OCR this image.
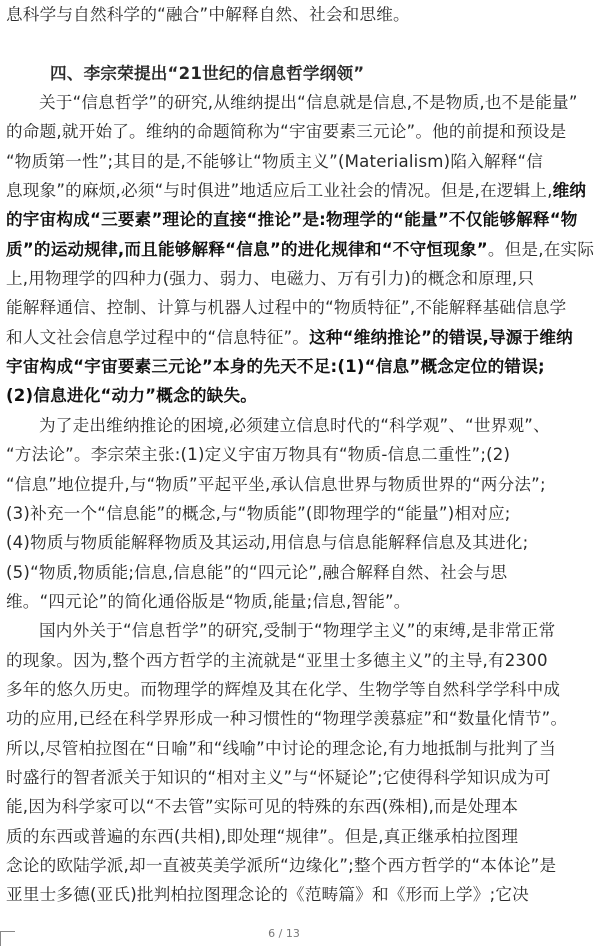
息科学与自然科学的“融合”中解释自然、社会和思维。
四、李宗荣提出“21世纪的信息哲学纲领”
关于“信息哲学”的研究,从维纳提出“信息就是信息,不是物质,也不是能量”
的命题,就开始了。维纳的命题简称为“宇宙要素三元论”。他的前提和预设是
“物质第一性”;其目的是,不能够让“物质主义”(Materialism)陷入解释“信
息现象”的麻烦,必须“与时俱进”地适应后工业社会的情况。但是,在逻辑上,维纳
的宇宙构成“三要素”理论的直接“推论”是:物理学的“能量”不仅能够解释“物
质”的运动规律,而且能够解释“信息”的进化规律和“不守恒现象”。但是,在实际
上,用物理学的四种力(强力、弱力、电磁力、万有引力)的概念和原理,只
能解释通信、控制、计算与机器人过程中的“物质特征”,不能解释基础信息学
和人文社会信息学过程中的“信息特征”。这种“维纳推论”的错误,导源于维纳
宇宙构成“宇宙要素三元论”本身的先天不足:(1)“信息”概念定位的错误;
(2)信息进化“动力”概念的缺失。
为了走出维纳推论的困境,必须建立信息时代的“科学观”、“世界观”、
“方法论”。李宗荣主张:(1)定义宇宙万物具有“物质-信息二重性”;(2)
“信息”地位提升,与“物质”平起平坐,承认信息世界与物质世界的“两分法”;
(3)补充一个“信息能”的概念,与“物质能”(即物理学的“能量”)相对应;
(4)物质与物质能解释物质及其运动,用信息与信息能解释信息及其进化;
(5)“物质,物质能;信息,信息能”的“四元论”,融合解释自然、社会与思
维。“四元论”的简化通俗版是“物质,能量;信息,智能”。
国内外关于“信息哲学”的研究,受制于“物理学主义”的束缚,是非常正常
的现象。因为,整个西方哲学的主流就是“亚里士多德主义”的主导,有2300
多年的悠久历史。而物理学的辉煌及其在化学、生物学等自然科学学科中成
功的应用,已经在科学界形成一种习惯性的“物理学羡慕症”和“数量化情节”。
所以,尽管柏拉图在“日喻”和“线喻”中讨论的理念论,有力地抵制与批判了当
时盛行的智者派关于知识的“相对主义”与“怀疑论”;它使得科学知识成为可
能,因为科学家可以“不去管”实际可见的特殊的东西(殊相),而是处理本
质的东西或普遍的东西(共相),即处理“规律”。但是,真正继承柏拉图理
念论的欧陆学派,却一直被英美学派所“边缘化”;整个西方哲学的“本体论”是
亚里士多德(亚氏)批判柏拉图理念论的《范畴篇》和《形而上学》;它决
6 / 13
